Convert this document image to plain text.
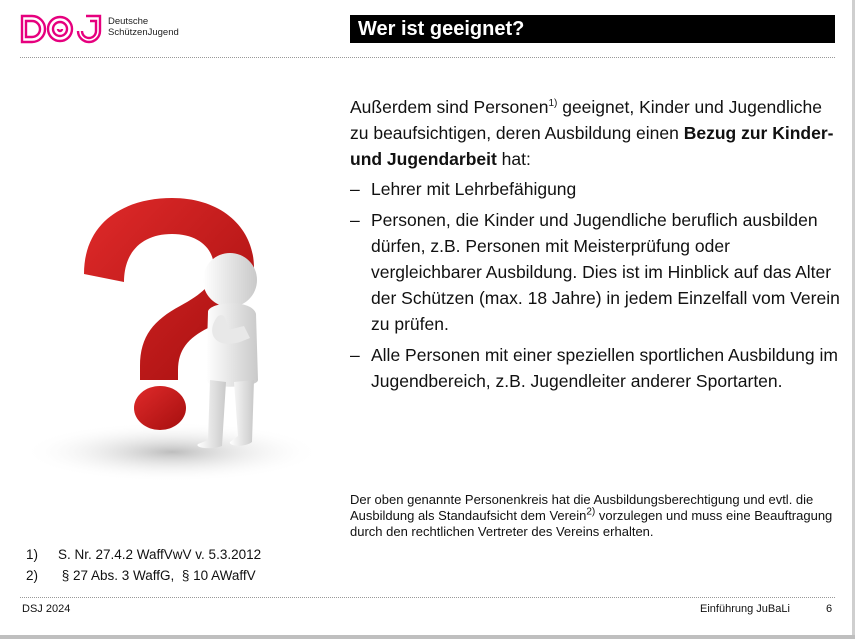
Deutsche
SchützenJugend	Wer ist geeignet?

Außerdem sind Personen$^{1)}$ geeignet, Kinder und Jugendliche zu beaufsichtigen, deren Ausbildung einen Bezug zur Kinder- und Jugendarbeit hat:

– Lehrer mit Lehrbefähigung
– Personen, die Kinder und Jugendliche beruflich ausbilden dürfen, z.B. Personen mit Meisterprüfung oder vergleichbarer Ausbildung. Dies ist im Hinblick auf das Alter der Schützen (max. 18 Jahre) in jedem Einzelfall vom Verein zu prüfen.
– Alle Personen mit einer speziellen sportlichen Ausbildung im Jugendbereich, z.B. Jugendleiter anderer Sportarten.
Der oben genannte Personenkreis hat die Ausbildungsberechtigung und evtl. die Ausbildung als Standaufsicht dem Verein$^{2)}$ vorzulegen und muss eine Beauftragung durch den rechtlichen Vertreter des Vereins erhalten.
1)	S. Nr. 27.4.2 WaffVwV v. 5.3.2012
2)	§ 27 Abs. 3 WaffG,  § 10 AWaffV
DSJ 2024	Einführung JuBaLi	6
